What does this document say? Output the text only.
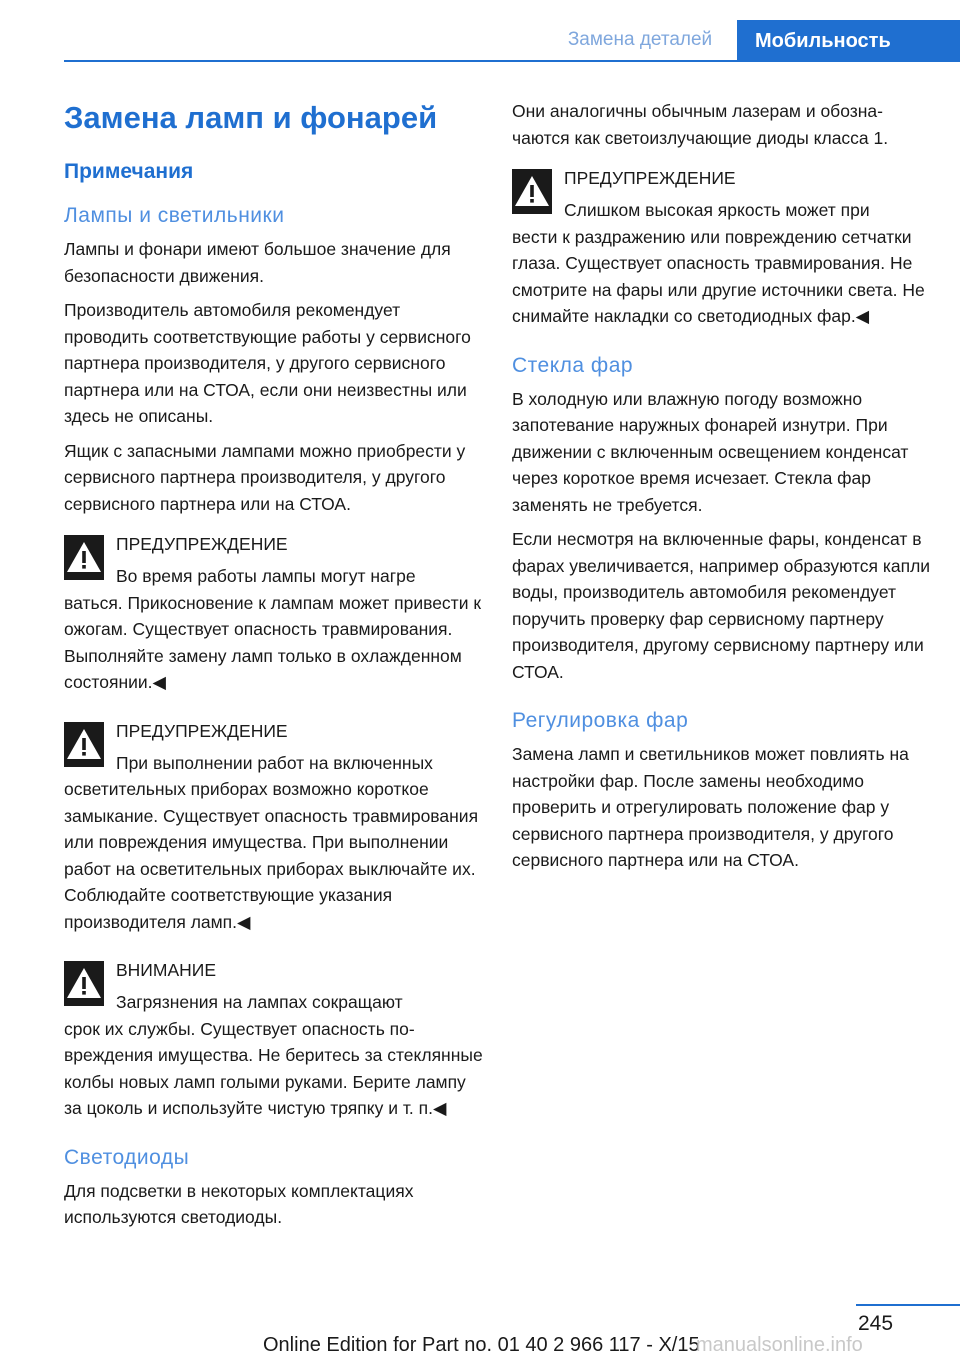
Замена деталей	Мобильность
Замена ламп и фонарей
Примечания
Лампы и светильники

Лампы и фонари имеют большое значение для безопасности движения.

Производитель автомобиля рекомендует проводить соответствующие работы у сервисного партнера производителя, у другого сервисного партнера или на СТОА, если они неизвестны или здесь не описаны.

Ящик с запасными лампами можно приобрести у сервисного партнера производителя, у другого сервисного партнера или на СТОА.

ПРЕДУПРЕЖДЕНИЕ
Во время работы лампы могут нагре
ваться. Прикосновение к лампам может привести к ожогам. Существует опасность травмирования. Выполняйте замену ламп только в охлажденном состоянии.◀
ПРЕДУПРЕЖДЕНИЕ
При выполнении работ на включенных
осветительных приборах возможно короткое замыкание. Существует опасность травмирования или повреждения имущества. При выполнении работ на осветительных приборах выключайте их. Соблюдайте соответствующие указания производителя ламп.◀
ВНИМАНИЕ
Загрязнения на лампах сокращают
срок их службы. Существует опасность повреждения имущества. Не беритесь за стеклянные колбы новых ламп голыми руками. Берите лампу за цоколь и используйте чистую тряпку и т. п.◀
Светодиоды

Для подсветки в некоторых комплектациях используются светодиоды.

Они аналогичны обычным лазерам и обозначаются как светоизлучающие диоды класса 1.

ПРЕДУПРЕЖДЕНИЕ
Слишком высокая яркость может при
вести к раздражению или повреждению сетчатки глаза. Существует опасность травмирования. Не смотрите на фары или другие источники света. Не снимайте накладки со светодиодных фар.◀
Стекла фар

В холодную или влажную погоду возможно запотевание наружных фонарей изнутри. При движении с включенным освещением конденсат через короткое время исчезает. Стекла фар заменять не требуется.

Если несмотря на включенные фары, конденсат в фарах увеличивается, например образуются капли воды, производитель автомобиля рекомендует поручить проверку фар сервисному партнеру производителя, другому сервисному партнеру или СТОА.

Регулировка фар

Замена ламп и светильников может повлиять на настройки фар. После замены необходимо проверить и отрегулировать положение фар у сервисного партнера производителя, у другого сервисного партнера или на СТОА.

245
Online Edition for Part no. 01 40 2 966 117 - X/15
manualsonline.info
